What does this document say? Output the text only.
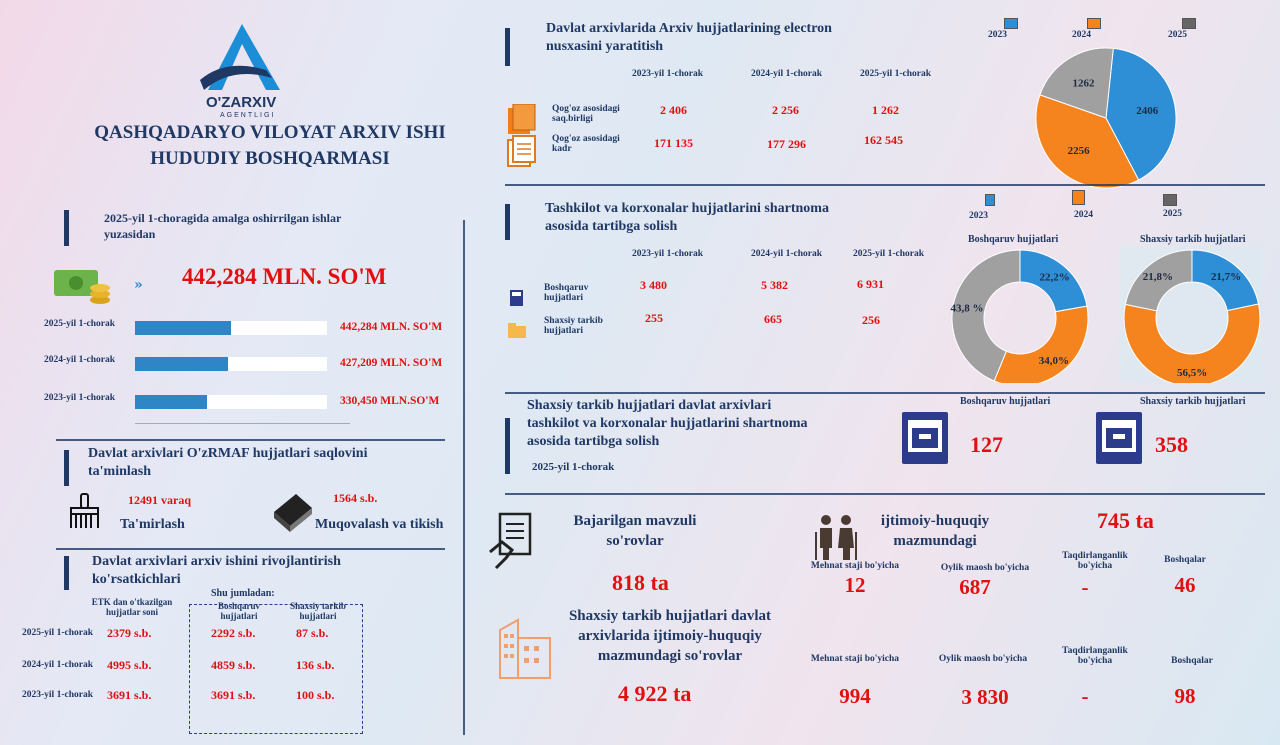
O'ZARXIV
AGENTLIGI
QASHQADARYO VILOYAT ARXIV ISHI
HUDUDIY BOSHQARMASI
2025-yil 1-choragida amalga oshirrilgan ishlar yuzasidan
» 442,284 MLN. SO'M
2025-yil 1-chorak	442,284 MLN. SO'M
2024-yil 1-chorak	427,209 MLN. SO'M
2023-yil 1-chorak	330,450 MLN.SO'M
Davlat arxivlari O'zRMAF hujjatlari saqlovini ta'minlash
12491 varaq
Ta'mirlash
1564 s.b.
Muqovalash va tikish
Davlat arxivlari arxiv ishini rivojlantirish ko'rsatkichlari
ETK dan o'tkazilgan hujjatlar soni
Shu jumladan:
Boshqaruv hujjatlari
Shaxsiy tarkib hujjatlari
2025-yil 1-chorak 2379 s.b.	2292 s.b.	87 s.b.
2024-yil 1-chorak 4995 s.b.	4859 s.b.	136 s.b.
2023-yil 1-chorak 3691 s.b.	3691 s.b.	100 s.b.
Davlat arxivlarida Arxiv hujjatlarining electron
nusxasini yaratitish
2023-yil 1-chorak	2024-yil 1-chorak	2025-yil 1-chorak
Qog'oz asosidagi saq.birligi
2 406	2 256	1 262
Qog'oz asosidagi kadr	171 135	177 296	162 545
2023	2024	2025
2406
2256
1262
Tashkilot va korxonalar hujjatlarini shartnoma
asosida tartibga solish
2023-yil 1-chorak	2024-yil 1-chorak	2025-yil 1-chorak
Boshqaruv hujjatlari
3 480	5 382	6 931
Shaxsiy tarkib hujjatlari
255	665	256
2023	2024	2025
Boshqaruv hujjatlari	Shaxsiy tarkib hujjatlari
22,2%
34,0%
43,8 %
21,7%
56,5%
21,8%
Shaxsiy tarkib hujjatlari davlat arxivlari
tashkilot va korxonalar hujjatlarini shartnoma
asosida tartibga solish
2025-yil 1-chorak
Boshqaruv hujjatlari	Shaxsiy tarkib hujjatlari
127	358
Bajarilgan mavzuli
so'rovlar
818 ta
ijtimoiy-huquqiy
mazmundagi
745 ta
Mehnat staji bo'yicha	Oylik maosh bo'yicha
Taqdirlanganlik bo'yicha
Boshqalar
12	687	-	46
Shaxsiy tarkib hujjatlari davlat
arxivlarida ijtimoiy-huquqiy
mazmundagi so'rovlar
4 922 ta
Mehnat staji bo'yicha	Oylik maosh bo'yicha
Taqdirlanganlik bo'yicha	Boshqalar
994	3 830	-	98
